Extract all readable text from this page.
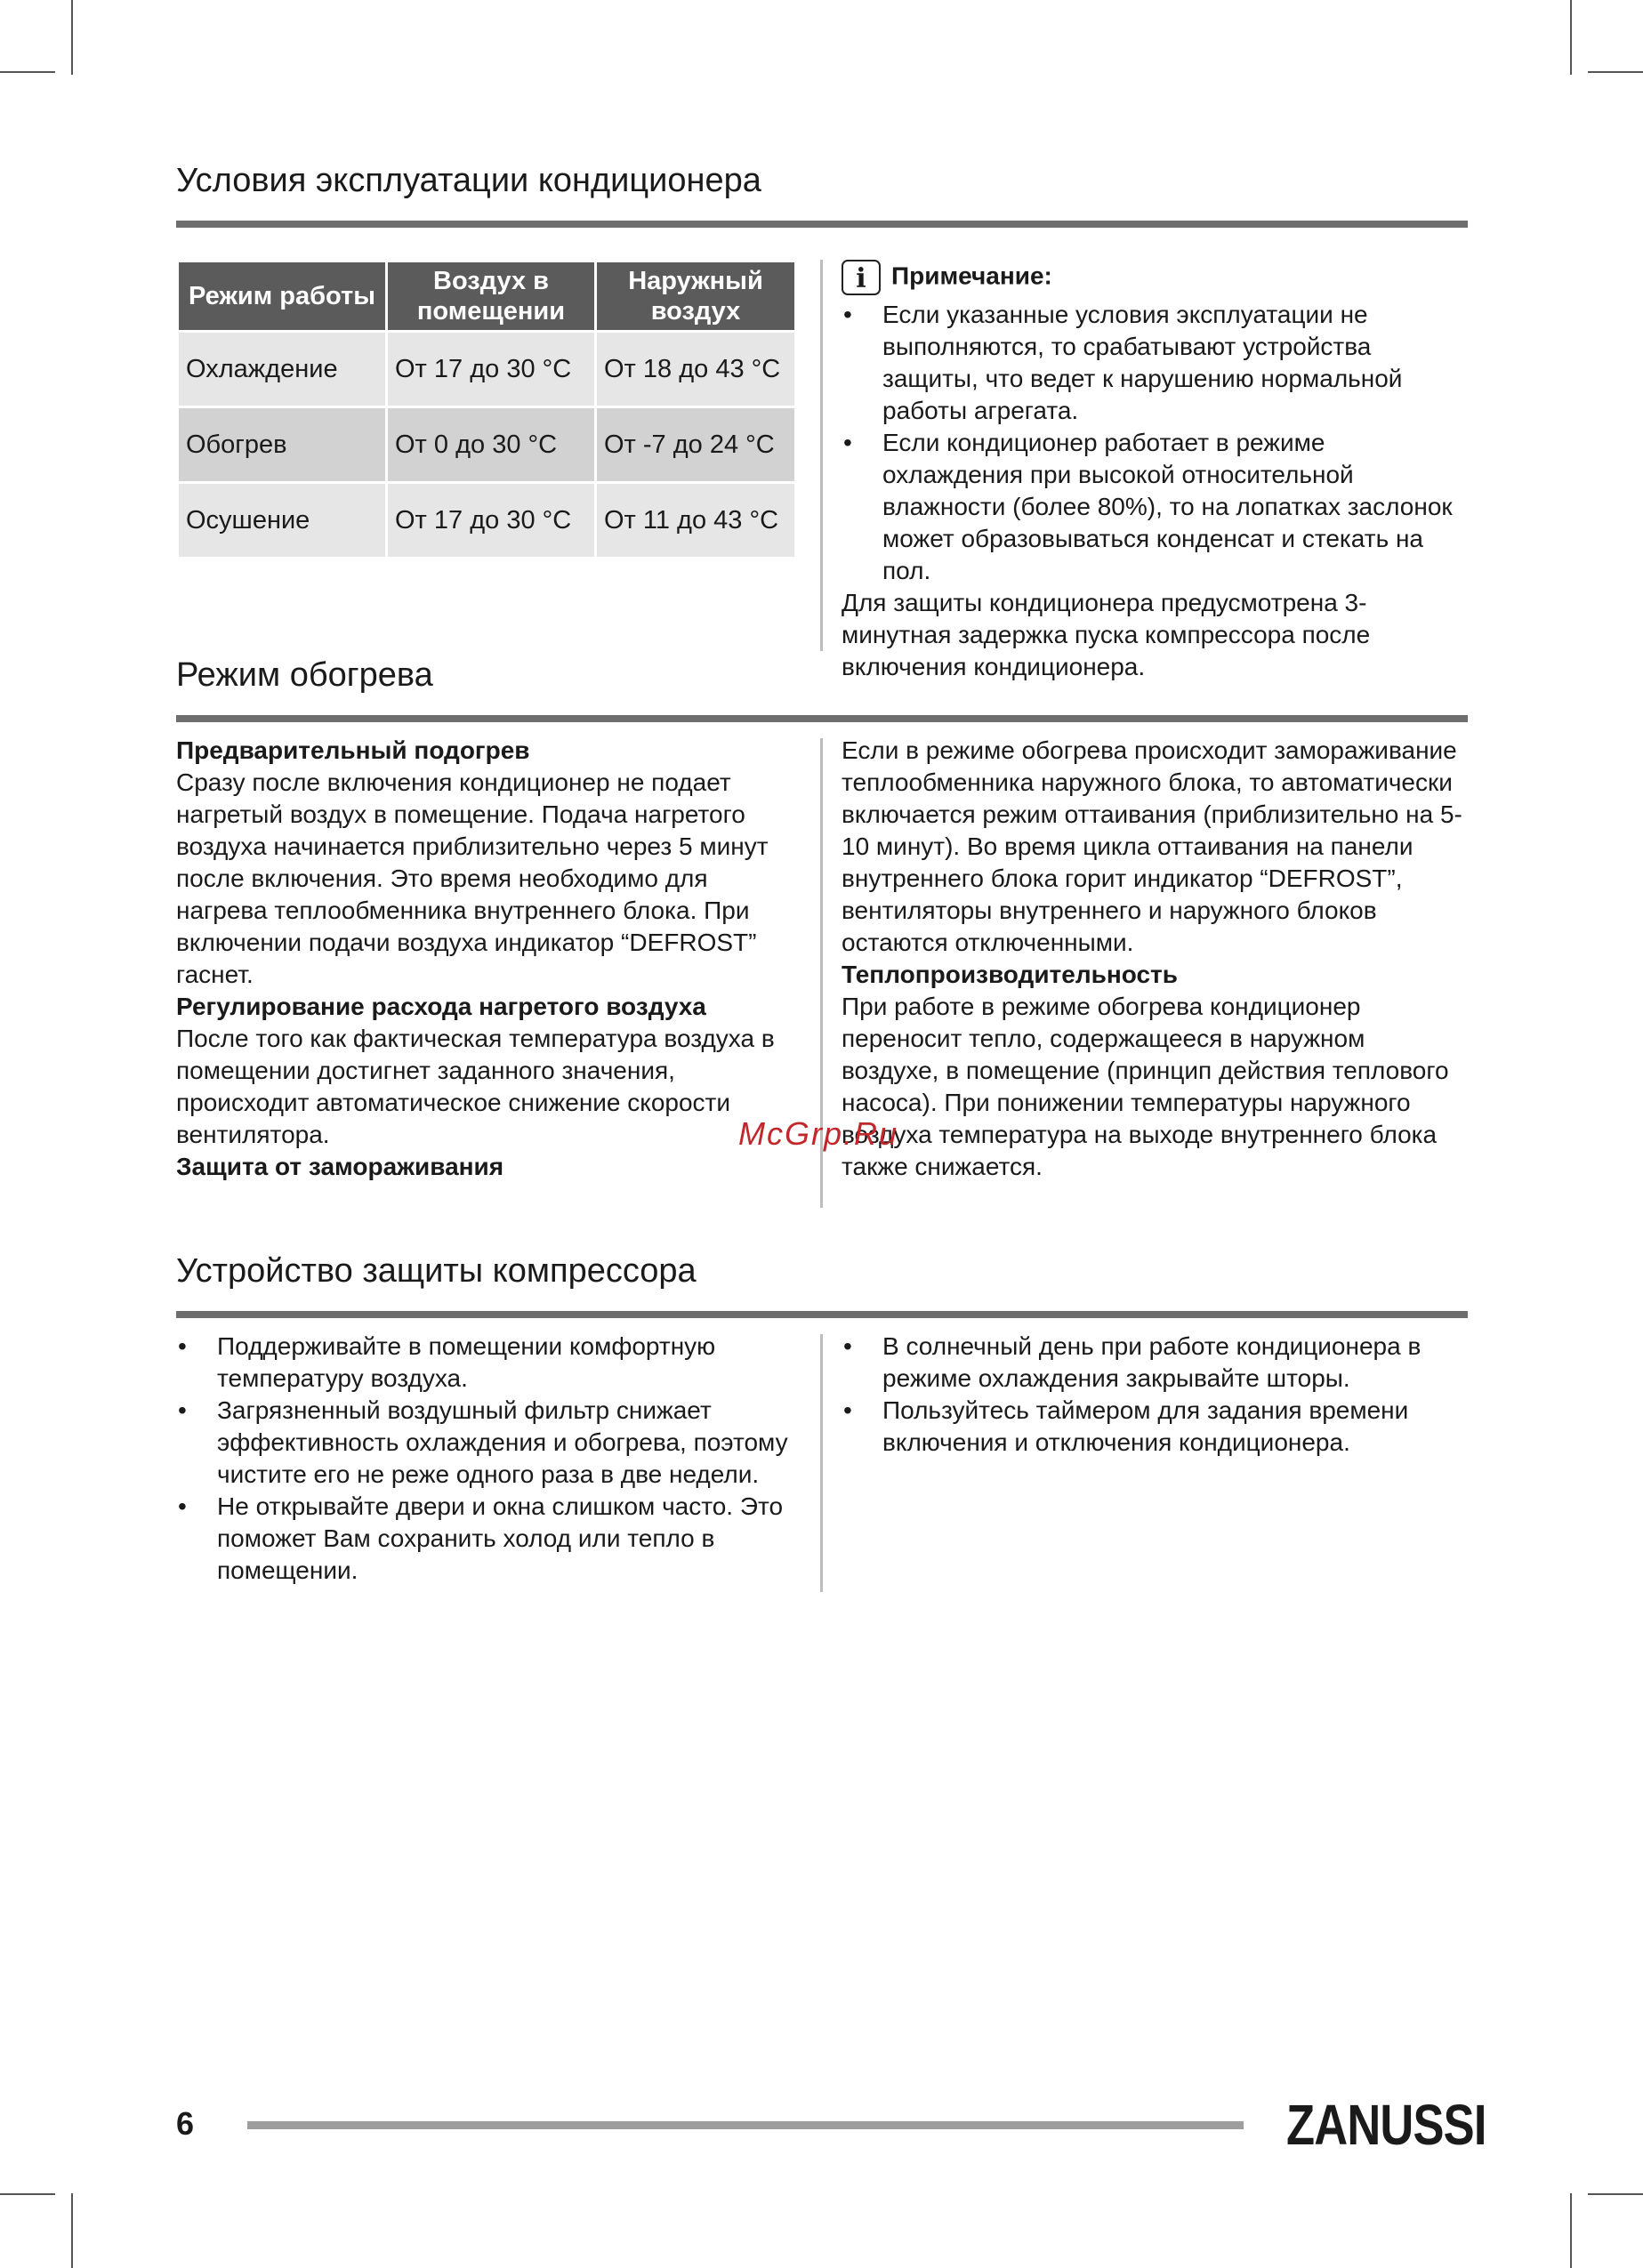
Условия эксплуатации кондиционера
Режим работы	Воздух в помещении	Наружный воздух
Охлаждение	От 17 до 30 °C	От 18 до 43 °C
Обогрев	От 0 до 30 °C	От -7 до 24 °C
Осушение	От 17 до 30 °C	От 11 до 43 °C
i Примечание:
• Если указанные условия эксплуатации не выполняются, то срабатывают устройства защиты, что ведет к нарушению нормальной работы агрегата.
• Если кондиционер работает в режиме охлаждения при высокой относительной влажности (более 80%), то на лопатках заслонок может образовываться конденсат и стекать на пол.

Для защиты кондиционера предусмотрена 3-минутная задержка пуска компрессора после включения кондиционера.

Режим обогрева

Предварительный подогрев

Сразу после включения кондиционер не подает нагретый воздух в помещение. Подача нагретого воздуха начинается приблизительно через 5 минут после включения. Это время необходимо для нагрева теплообменника внутреннего блока. При включении подачи воздуха индикатор “DEFROST” гаснет.

Регулирование расхода нагретого воздуха

После того как фактическая температура воздуха в помещении достигнет заданного значения, происходит автоматическое снижение скорости вентилятора.

Защита от замораживания

Если в режиме обогрева происходит замораживание теплообменника наружного блока, то автоматически включается режим оттаивания (приблизительно на 5-10 минут). Во время цикла оттаивания на панели внутреннего блока горит индикатор “DEFROST”, вентиляторы внутреннего и наружного блоков остаются отключенными.

Теплопроизводительность

При работе в режиме обогрева кондиционер переносит тепло, содержащееся в наружном воздухе, в помещение (принцип действия теплового насоса). При понижении температуры наружного воздуха температура на выходе внутреннего блока также снижается.

McGrp.Ru
Устройство защиты компрессора
• Поддерживайте в помещении комфортную температуру воздуха.
• Загрязненный воздушный фильтр снижает эффективность охлаждения и обогрева, поэтому чистите его не реже одного раза в две недели.
• Не открывайте двери и окна слишком часто. Это поможет Вам сохранить холод или тепло в помещении.
• В солнечный день при работе кондиционера в режиме охлаждения закрывайте шторы.
• Пользуйтесь таймером для задания времени включения и отключения кондиционера.
6	ZANUSSI
